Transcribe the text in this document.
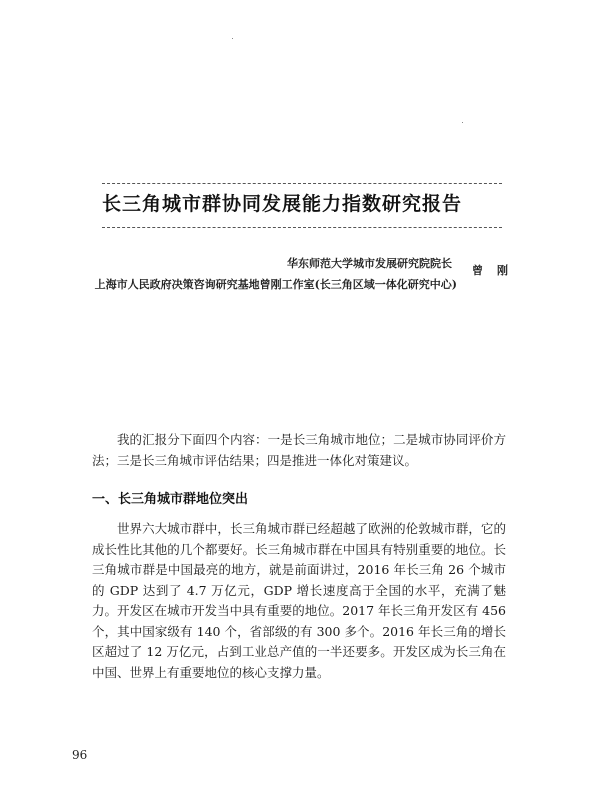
长三角城市群协同发展能力指数研究报告
华东师范大学城市发展研究院院长
上海市人民政府决策咨询研究基地曾刚工作室(长三角区域一体化研究中心)
曾刚

我的汇报分下面四个内容：一是长三角城市地位；二是城市协同评价方法；三是长三角城市评估结果；四是推进一体化对策建议。

一、长三角城市群地位突出

世界六大城市群中，长三角城市群已经超越了欧洲的伦敦城市群，它的成长性比其他的几个都要好。长三角城市群在中国具有特别重要的地位。长三角城市群是中国最亮的地方，就是前面讲过，2016 年长三角 26 个城市的 GDP 达到了 4.7 万亿元，GDP 增长速度高于全国的水平，充满了魅力。开发区在城市开发当中具有重要的地位。2017 年长三角开发区有 456 个，其中国家级有 140 个，省部级的有 300 多个。2016 年长三角的增长区超过了 12 万亿元，占到工业总产值的一半还要多。开发区成为长三角在中国、世界上有重要地位的核心支撑力量。

96
